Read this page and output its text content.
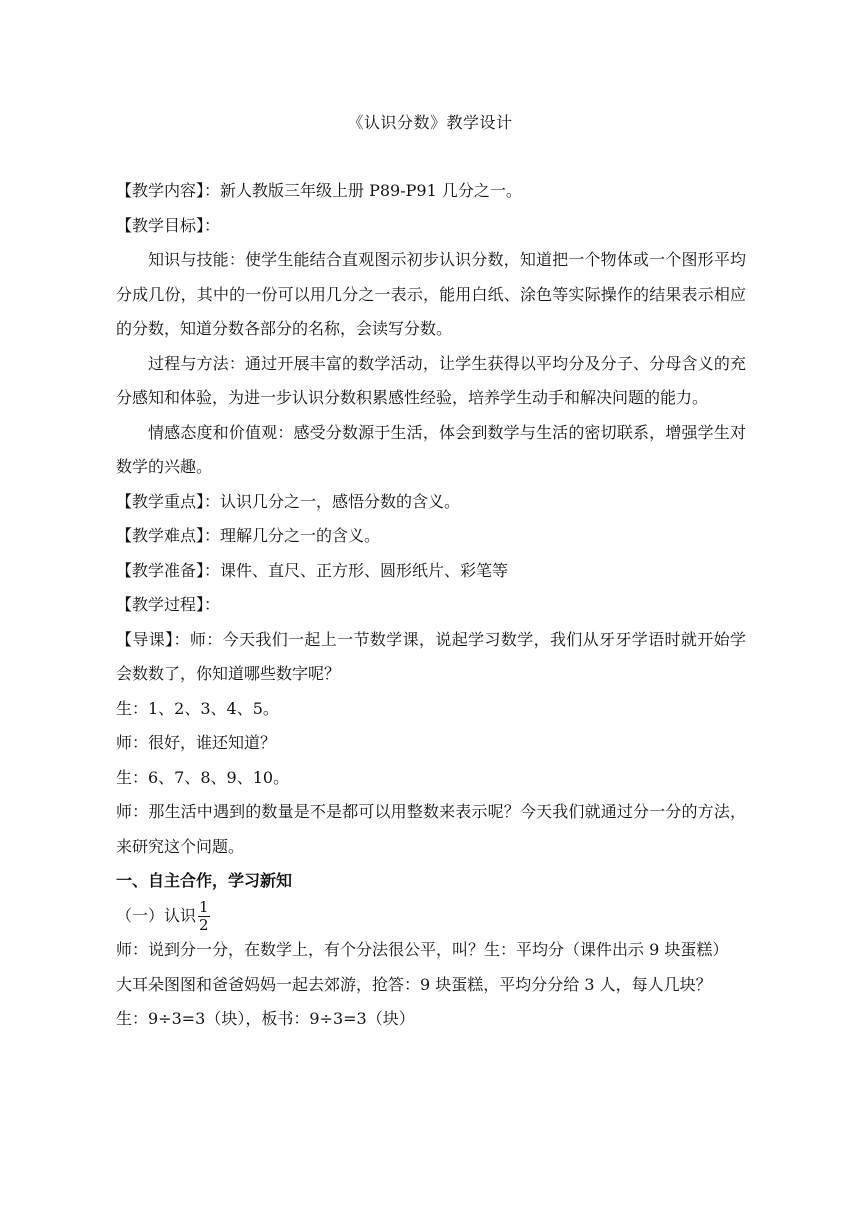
《认识分数》教学设计

【教学内容】：新人教版三年级上册 P89-P91 几分之一。

【教学目标】：

知识与技能：使学生能结合直观图示初步认识分数，知道把一个物体或一个图形平均分成几份，其中的一份可以用几分之一表示，能用白纸、涂色等实际操作的结果表示相应的分数，知道分数各部分的名称，会读写分数。

过程与方法：通过开展丰富的数学活动，让学生获得以平均分及分子、分母含义的充分感知和体验，为进一步认识分数积累感性经验，培养学生动手和解决问题的能力。

情感态度和价值观：感受分数源于生活，体会到数学与生活的密切联系，增强学生对数学的兴趣。

【教学重点】：认识几分之一，感悟分数的含义。

【教学难点】：理解几分之一的含义。

【教学准备】：课件、直尺、正方形、圆形纸片、彩笔等

【教学过程】：

【导课】：师：今天我们一起上一节数学课，说起学习数学，我们从牙牙学语时就开始学会数数了，你知道哪些数字呢？

生：1、2、3、4、5。

师：很好，谁还知道？

生：6、7、8、9、10。

师：那生活中遇到的数量是不是都可以用整数来表示呢？今天我们就通过分一分的方法，来研究这个问题。

一、自主合作，学习新知

（一）认识 $\frac{1}{2}$

师：说到分一分，在数学上，有个分法很公平，叫？生：平均分（课件出示 9 块蛋糕）

大耳朵图图和爸爸妈妈一起去郊游，抢答：9 块蛋糕，平均分分给 3 人，每人几块？

生：9÷3=3（块），板书：9÷3=3（块）
